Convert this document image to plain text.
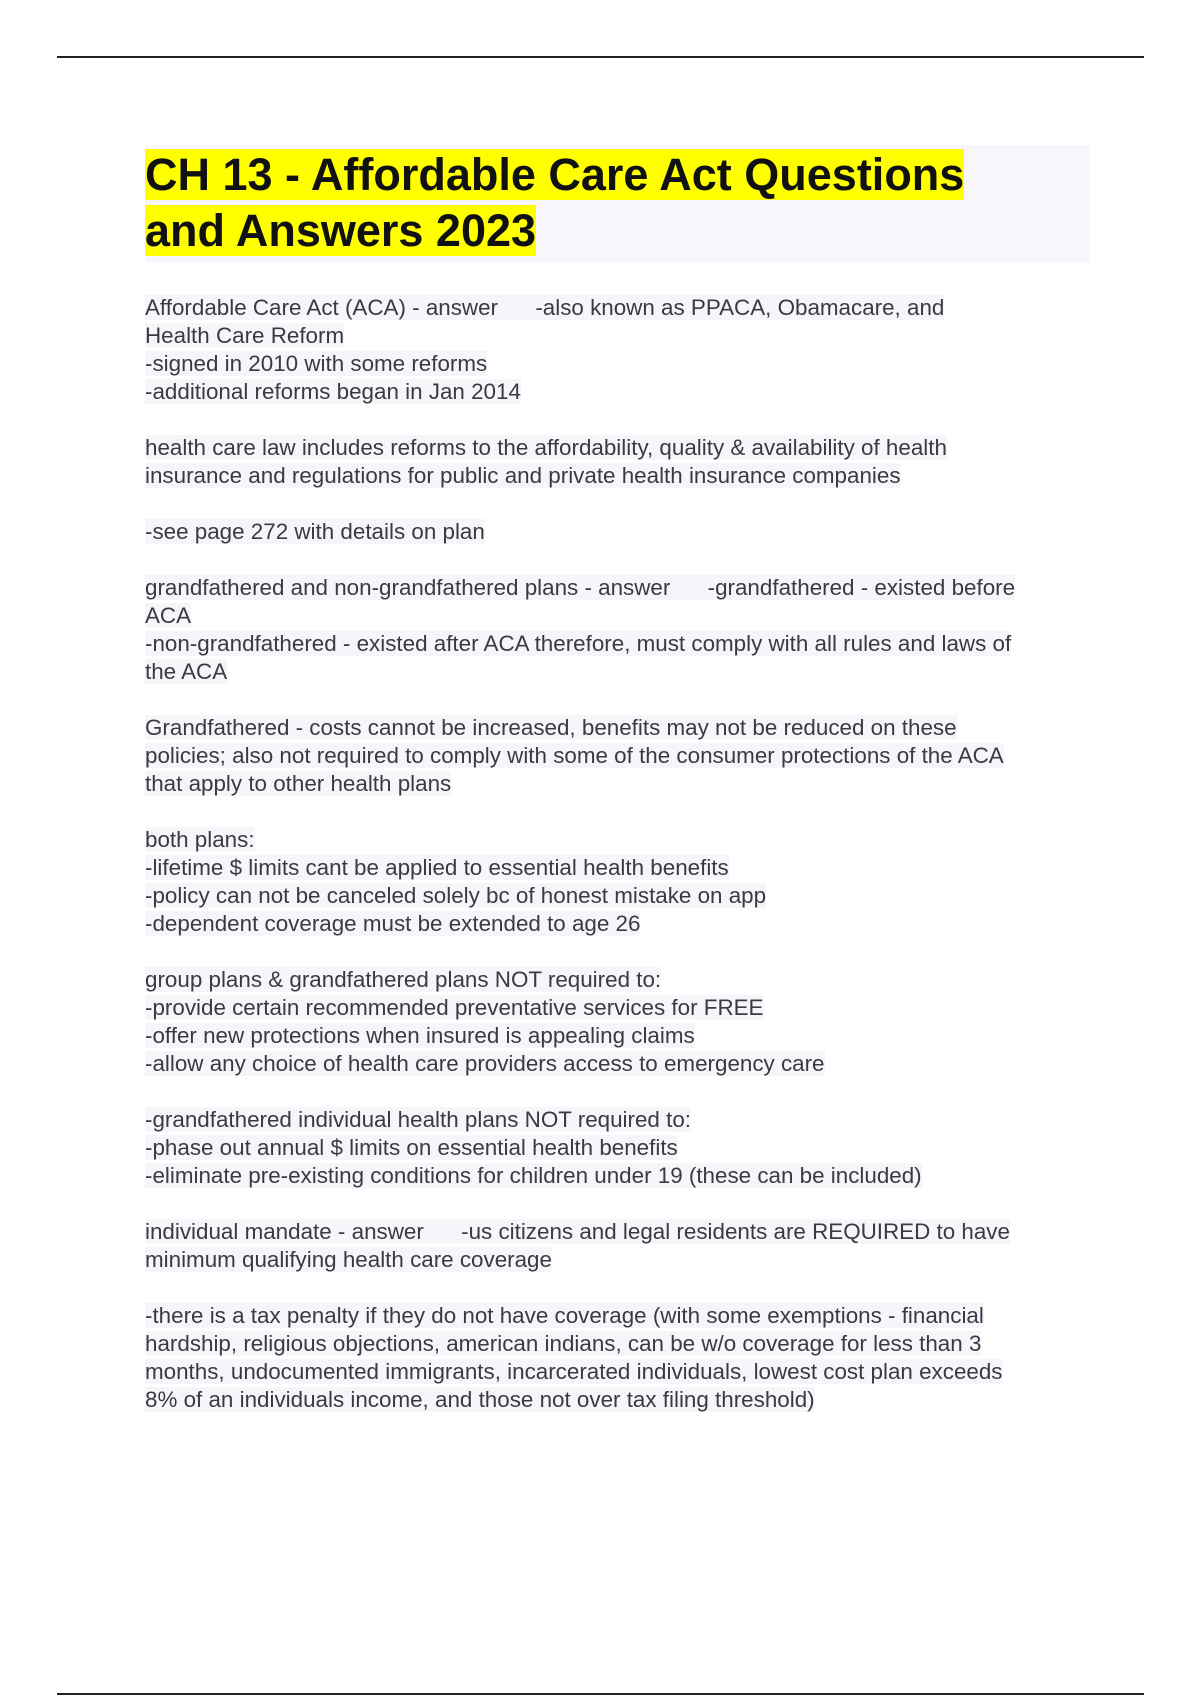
CH 13 - Affordable Care Act Questions
and Answers 2023
Affordable Care Act (ACA) - answer      -also known as PPACA, Obamacare, and
Health Care Reform
-signed in 2010 with some reforms
-additional reforms began in Jan 2014
health care law includes reforms to the affordability, quality & availability of health
insurance and regulations for public and private health insurance companies
-see page 272 with details on plan
grandfathered and non-grandfathered plans - answer      -grandfathered - existed before
ACA
-non-grandfathered - existed after ACA therefore, must comply with all rules and laws of
the ACA
Grandfathered - costs cannot be increased, benefits may not be reduced on these
policies; also not required to comply with some of the consumer protections of the ACA
that apply to other health plans
both plans:
-lifetime $ limits cant be applied to essential health benefits
-policy can not be canceled solely bc of honest mistake on app
-dependent coverage must be extended to age 26
group plans & grandfathered plans NOT required to:
-provide certain recommended preventative services for FREE
-offer new protections when insured is appealing claims
-allow any choice of health care providers access to emergency care
-grandfathered individual health plans NOT required to:
-phase out annual $ limits on essential health benefits
-eliminate pre-existing conditions for children under 19 (these can be included)
individual mandate - answer      -us citizens and legal residents are REQUIRED to have
minimum qualifying health care coverage
-there is a tax penalty if they do not have coverage (with some exemptions - financial
hardship, religious objections, american indians, can be w/o coverage for less than 3
months, undocumented immigrants, incarcerated individuals, lowest cost plan exceeds
8% of an individuals income, and those not over tax filing threshold)
